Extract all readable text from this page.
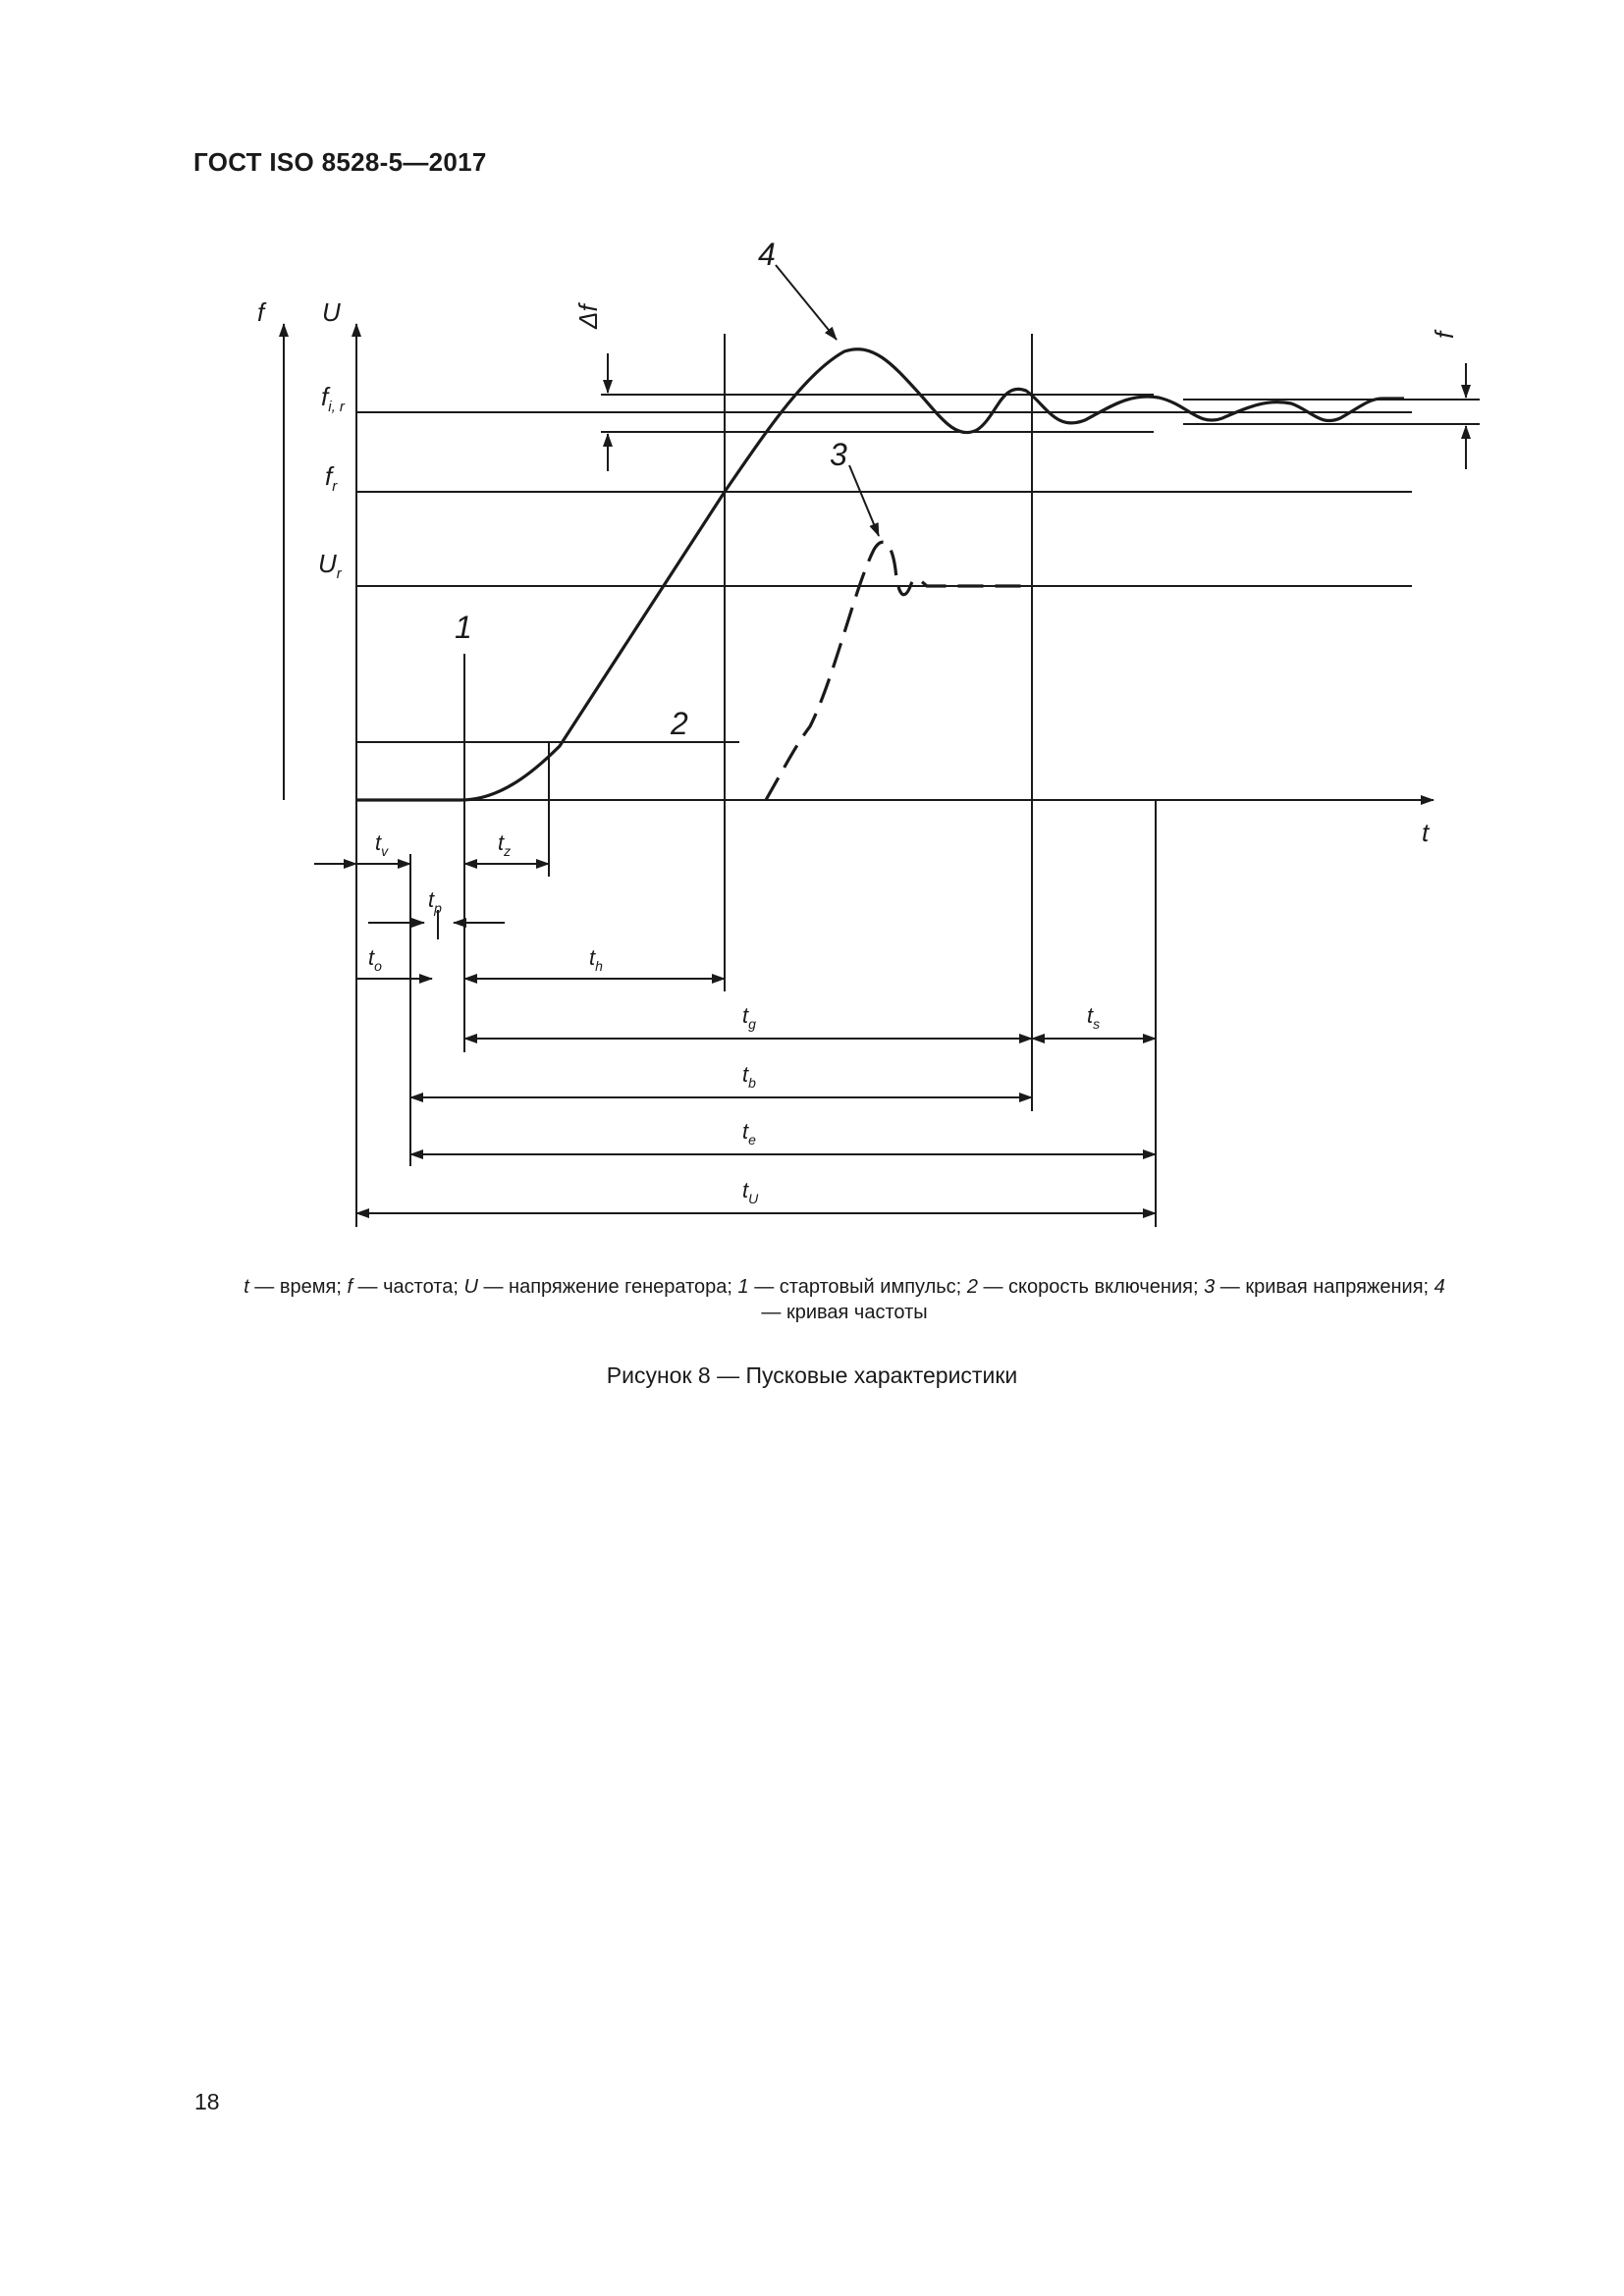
ГОСТ ISO 8528-5—2017
f U
t
$f_{i, r}$
$f_r$
$U_r$
Δf
f
1
2
3
4
$t_v$	$t_z$
$t_p$
$t_o$	$t_h$
$t_g$	$t_s$
$t_b$
$t_e$
$t_U$
t — время; f — частота; U — напряжение генератора; 1 — стартовый импульс; 2 — скорость включения; 3 — кривая напряжения; 4 — кривая частоты
Рисунок 8 — Пусковые характеристики
18
